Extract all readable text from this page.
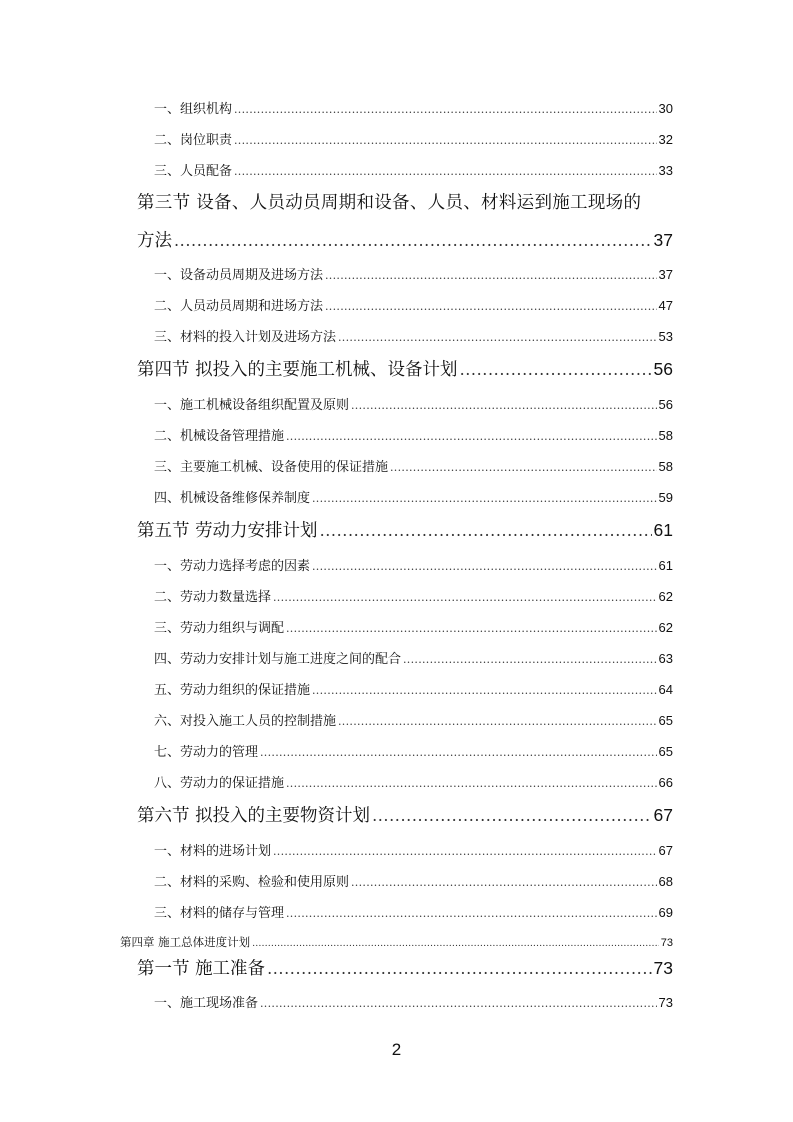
一、组织机构 .....	30
二、岗位职责 .....	32
三、人员配备 .....	33
第三节 设备、人员动员周期和设备、人员、材料运到施工现场的
方法 .....	37
一、设备动员周期及进场方法 .....	37
二、人员动员周期和进场方法 .....	47
三、材料的投入计划及进场方法 .....	53
第四节 拟投入的主要施工机械、设备计划 .....	56
一、施工机械设备组织配置及原则 .....	56
二、机械设备管理措施 .....	58
三、主要施工机械、设备使用的保证措施 .....	58
四、机械设备维修保养制度 .....	59
第五节 劳动力安排计划 .....	61
一、劳动力选择考虑的因素 .....	61
二、劳动力数量选择 .....	62
三、劳动力组织与调配 .....	62
四、劳动力安排计划与施工进度之间的配合 .....	63
五、劳动力组织的保证措施 .....	64
六、对投入施工人员的控制措施 .....	65
七、劳动力的管理 .....	65
八、劳动力的保证措施 .....	66
第六节 拟投入的主要物资计划 .....	67
一、材料的进场计划 .....	67
二、材料的采购、检验和使用原则 .....	68
三、材料的储存与管理 .....	69
第四章 施工总体进度计划 .....	73
第一节 施工准备 .....	73
一、施工现场准备 .....	73
2
